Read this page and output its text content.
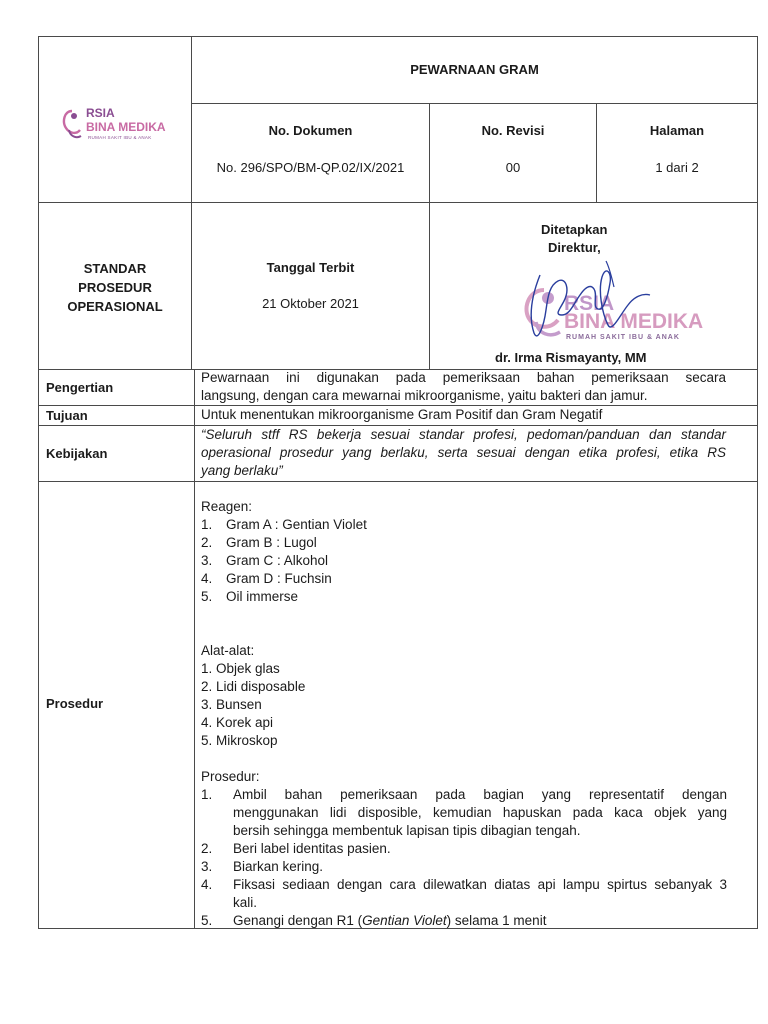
RSIA
BINA MEDIKA
RUMAH SAKIT IBU & ANAK
PEWARNAAN GRAM
No. Dokumen
No. 296/SPO/BM-QP.02/IX/2021
No. Revisi
00
Halaman
1 dari 2
STANDAR
PROSEDUR
OPERASIONAL
Tanggal Terbit
21 Oktober 2021
Ditetapkan
Direktur,
RSIA
BINA MEDIKA
RUMAH SAKIT IBU & ANAK
dr. Irma Rismayanty, MM
Pengertian
Pewarnaan ini digunakan pada pemeriksaan bahan pemeriksaan secara
langsung, dengan cara mewarnai mikroorganisme, yaitu bakteri dan jamur.
Tujuan	Untuk menentukan mikroorganisme Gram Positif dan Gram Negatif
Kebijakan
“Seluruh stff RS bekerja sesuai standar profesi, pedoman/panduan dan standar
operasional prosedur yang berlaku, serta sesuai dengan etika profesi, etika RS
yang berlaku”
Prosedur
Reagen:
1. Gram A : Gentian Violet
2. Gram B : Lugol
3. Gram C : Alkohol
4. Gram D : Fuchsin
5. Oil immerse
Alat-alat:
1. Objek glas
2. Lidi disposable
3. Bunsen
4. Korek api
5. Mikroskop
Prosedur:
1. Ambil bahan pemeriksaan pada bagian yang representatif dengan
menggunakan lidi disposible, kemudian hapuskan pada kaca objek yang
bersih sehingga membentuk lapisan tipis dibagian tengah.
2. Beri label identitas pasien.
3. Biarkan kering.
4. Fiksasi sediaan dengan cara dilewatkan diatas api lampu spirtus sebanyak 3
kali.
5. Genangi dengan R1 (Gentian Violet) selama 1 menit
